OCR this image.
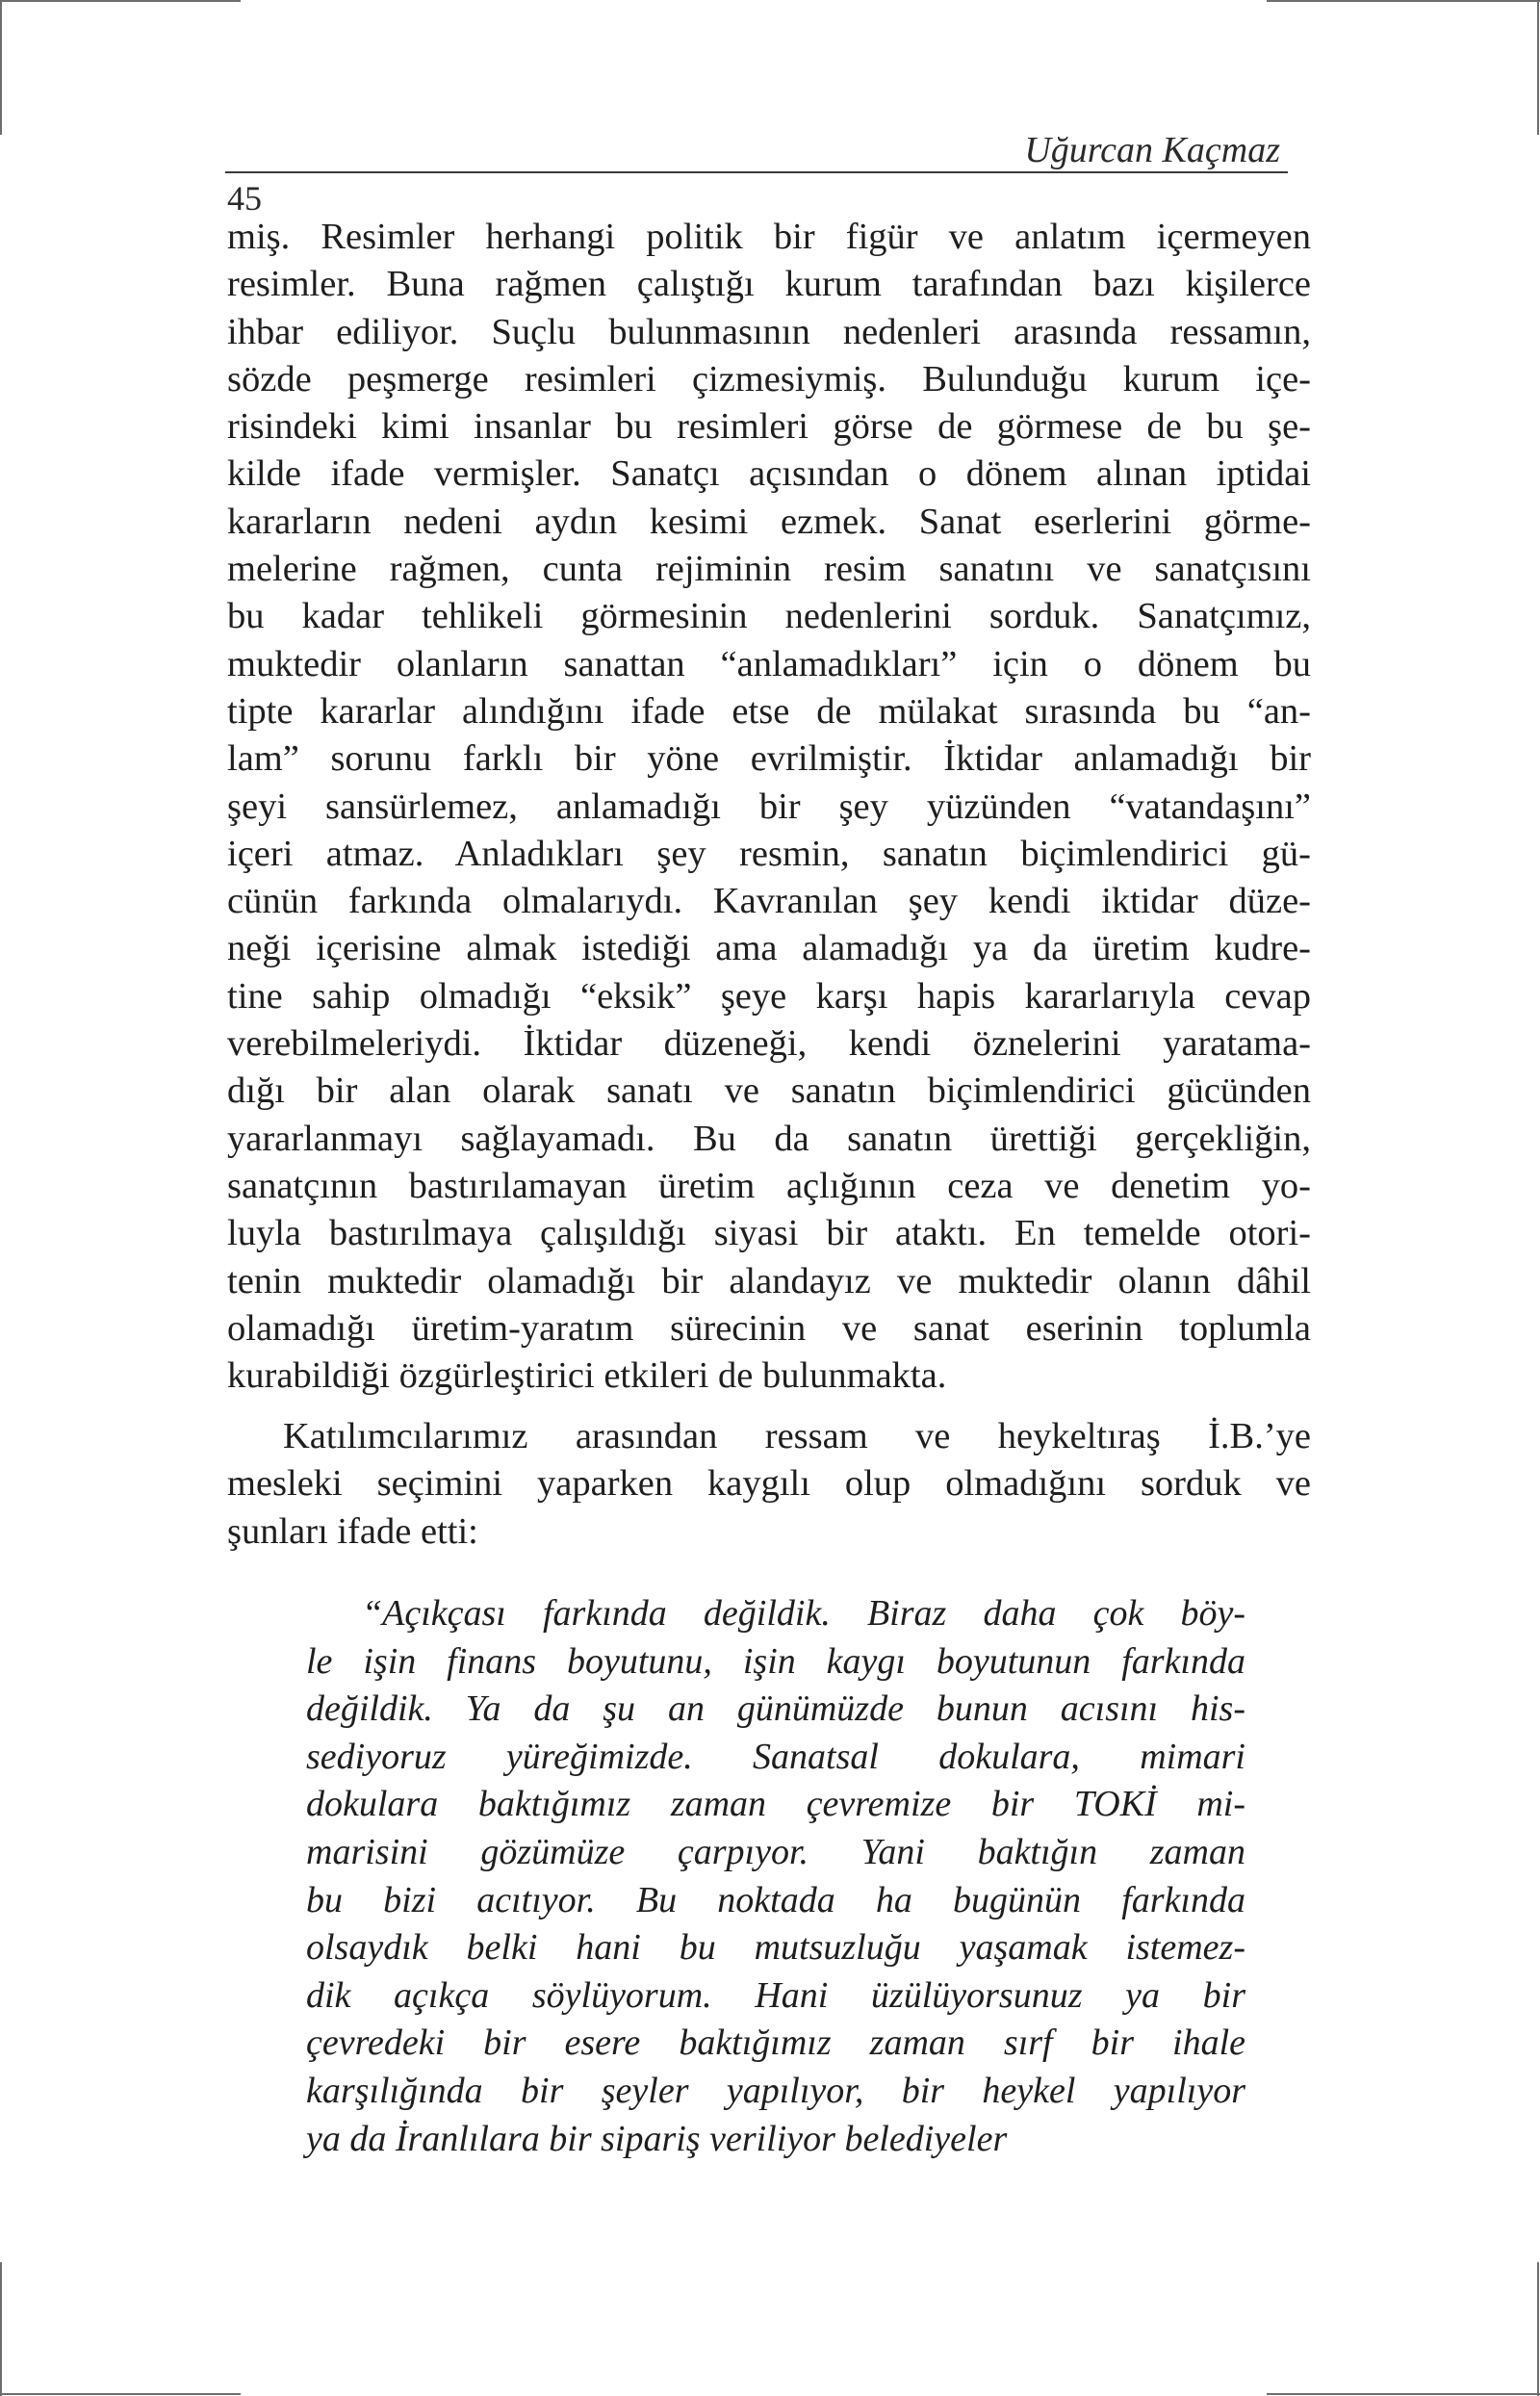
Uğurcan Kaçmaz
45
miş. Resimler herhangi politik bir figür ve anlatım içermeyen
resimler. Buna rağmen çalıştığı kurum tarafından bazı kişilerce
ihbar ediliyor. Suçlu bulunmasının nedenleri arasında ressamın,
sözde peşmerge resimleri çizmesiymiş. Bulunduğu kurum içe-
risindeki kimi insanlar bu resimleri görse de görmese de bu şe-
kilde ifade vermişler. Sanatçı açısından o dönem alınan iptidai
kararların nedeni aydın kesimi ezmek. Sanat eserlerini görme-
melerine rağmen, cunta rejiminin resim sanatını ve sanatçısını
bu kadar tehlikeli görmesinin nedenlerini sorduk. Sanatçımız,
muktedir olanların sanattan “anlamadıkları” için o dönem bu
tipte kararlar alındığını ifade etse de mülakat sırasında bu “an-
lam” sorunu farklı bir yöne evrilmiştir. İktidar anlamadığı bir
şeyi sansürlemez, anlamadığı bir şey yüzünden “vatandaşını”
içeri atmaz. Anladıkları şey resmin, sanatın biçimlendirici gü-
cünün farkında olmalarıydı. Kavranılan şey kendi iktidar düze-
neği içerisine almak istediği ama alamadığı ya da üretim kudre-
tine sahip olmadığı “eksik” şeye karşı hapis kararlarıyla cevap
verebilmeleriydi. İktidar düzeneği, kendi öznelerini yaratama-
dığı bir alan olarak sanatı ve sanatın biçimlendirici gücünden
yararlanmayı sağlayamadı. Bu da sanatın ürettiği gerçekliğin,
sanatçının bastırılamayan üretim açlığının ceza ve denetim yo-
luyla bastırılmaya çalışıldığı siyasi bir ataktı. En temelde otori-
tenin muktedir olamadığı bir alandayız ve muktedir olanın dâhil
olamadığı üretim-yaratım sürecinin ve sanat eserinin toplumla
kurabildiği özgürleştirici etkileri de bulunmakta.
Katılımcılarımız arasından ressam ve heykeltıraş İ.B.’ye
mesleki seçimini yaparken kaygılı olup olmadığını sorduk ve
şunları ifade etti:
“Açıkçası farkında değildik. Biraz daha çok böy-
le işin finans boyutunu, işin kaygı boyutunun farkında
değildik. Ya da şu an günümüzde bunun acısını his-
sediyoruz yüreğimizde. Sanatsal dokulara, mimari
dokulara baktığımız zaman çevremize bir TOKİ mi-
marisini gözümüze çarpıyor. Yani baktığın zaman
bu bizi acıtıyor. Bu noktada ha bugünün farkında
olsaydık belki hani bu mutsuzluğu yaşamak istemez-
dik açıkça söylüyorum. Hani üzülüyorsunuz ya bir
çevredeki bir esere baktığımız zaman sırf bir ihale
karşılığında bir şeyler yapılıyor, bir heykel yapılıyor
ya da İranlılara bir sipariş veriliyor belediyeler
